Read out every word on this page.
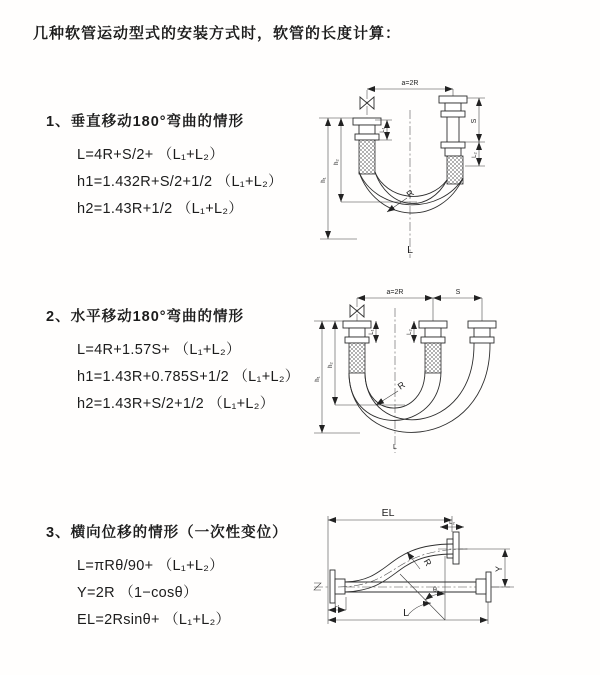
几种软管运动型式的安装方式时，软管的长度计算：
1、垂直移动180°弯曲的情形
L=4R+S/2+ （L₁+L₂）
h1=1.432R+S/2+1/2 （L₁+L₂）
h2=1.43R+1/2 （L₁+L₂）
2、水平移动180°弯曲的情形
L=4R+1.57S+ （L₁+L₂）
h1=1.43R+0.785S+1/2 （L₁+L₂）
h2=1.43R+S/2+1/2 （L₁+L₂）
3、横向位移的情形（一次性变位）
L=πRθ/90+ （L₁+L₂）
Y=2R （1−cosθ）
EL=2Rsinθ+ （L₁+L₂）
a=2R
L₁
S
L₂
h₁
h₂
R
L
a=2R	S
L₁	L₂
h₁
h₂
R
L
EL
L₂
R
θ
Y
L₁
L
